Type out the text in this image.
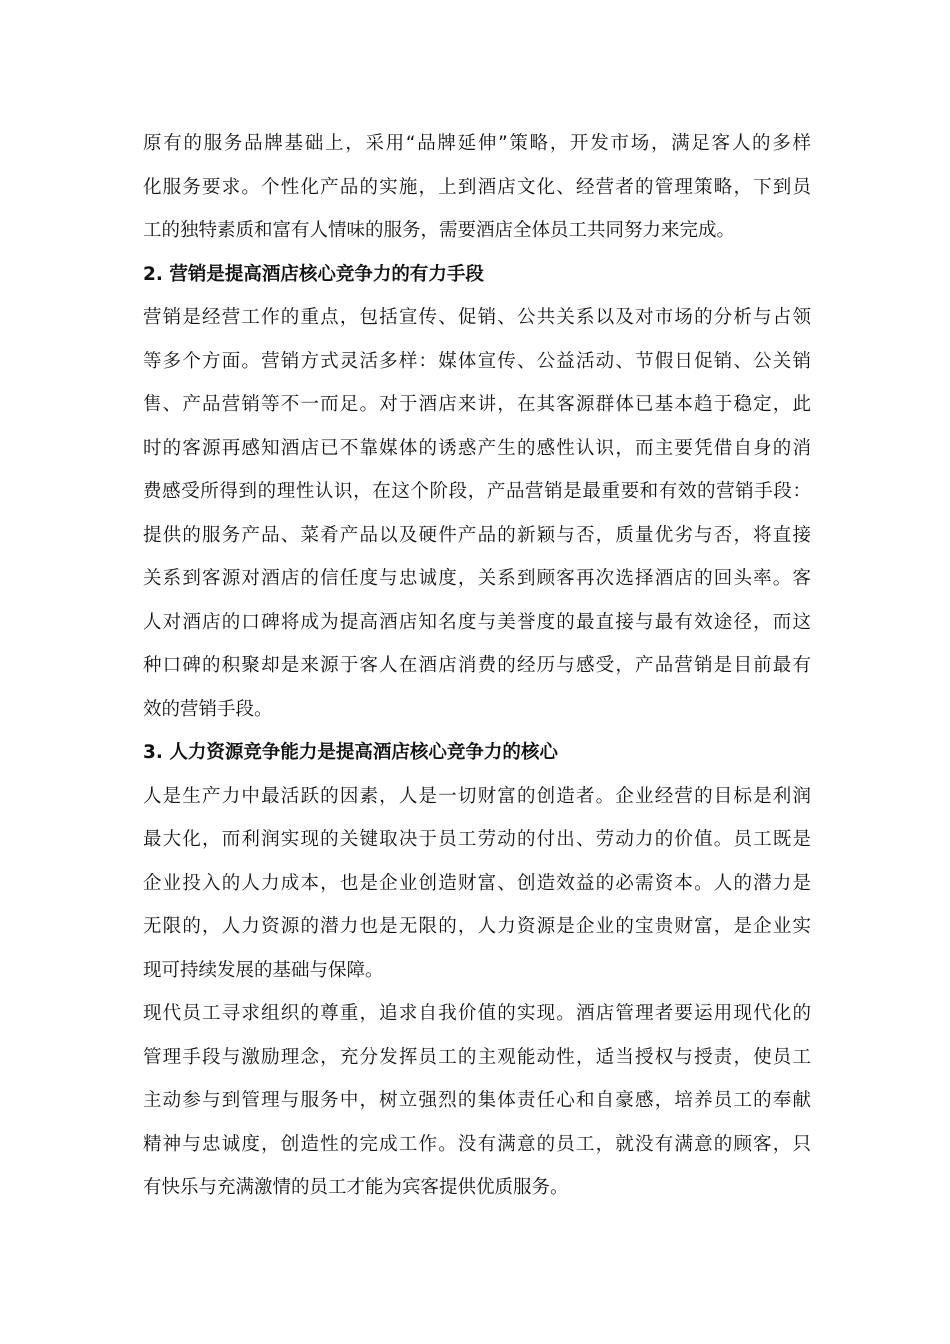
原有的服务品牌基础上，采用“品牌延伸”策略，开发市场，满足客人的多样
化服务要求。个性化产品的实施，上到酒店文化、经营者的管理策略，下到员
工的独特素质和富有人情味的服务，需要酒店全体员工共同努力来完成。
2. 营销是提高酒店核心竞争力的有力手段
营销是经营工作的重点，包括宣传、促销、公共关系以及对市场的分析与占领
等多个方面。营销方式灵活多样：媒体宣传、公益活动、节假日促销、公关销
售、产品营销等不一而足。对于酒店来讲，在其客源群体已基本趋于稳定，此
时的客源再感知酒店已不靠媒体的诱惑产生的感性认识，而主要凭借自身的消
费感受所得到的理性认识，在这个阶段，产品营销是最重要和有效的营销手段：
提供的服务产品、菜肴产品以及硬件产品的新颖与否，质量优劣与否，将直接
关系到客源对酒店的信任度与忠诚度，关系到顾客再次选择酒店的回头率。客
人对酒店的口碑将成为提高酒店知名度与美誉度的最直接与最有效途径，而这
种口碑的积聚却是来源于客人在酒店消费的经历与感受，产品营销是目前最有
效的营销手段。
3. 人力资源竞争能力是提高酒店核心竞争力的核心
人是生产力中最活跃的因素，人是一切财富的创造者。企业经营的目标是利润
最大化，而利润实现的关键取决于员工劳动的付出、劳动力的价值。员工既是
企业投入的人力成本，也是企业创造财富、创造效益的必需资本。人的潜力是
无限的，人力资源的潜力也是无限的，人力资源是企业的宝贵财富，是企业实
现可持续发展的基础与保障。
现代员工寻求组织的尊重，追求自我价值的实现。酒店管理者要运用现代化的
管理手段与激励理念，充分发挥员工的主观能动性，适当授权与授责，使员工
主动参与到管理与服务中，树立强烈的集体责任心和自豪感，培养员工的奉献
精神与忠诚度，创造性的完成工作。没有满意的员工，就没有满意的顾客，只
有快乐与充满激情的员工才能为宾客提供优质服务。
